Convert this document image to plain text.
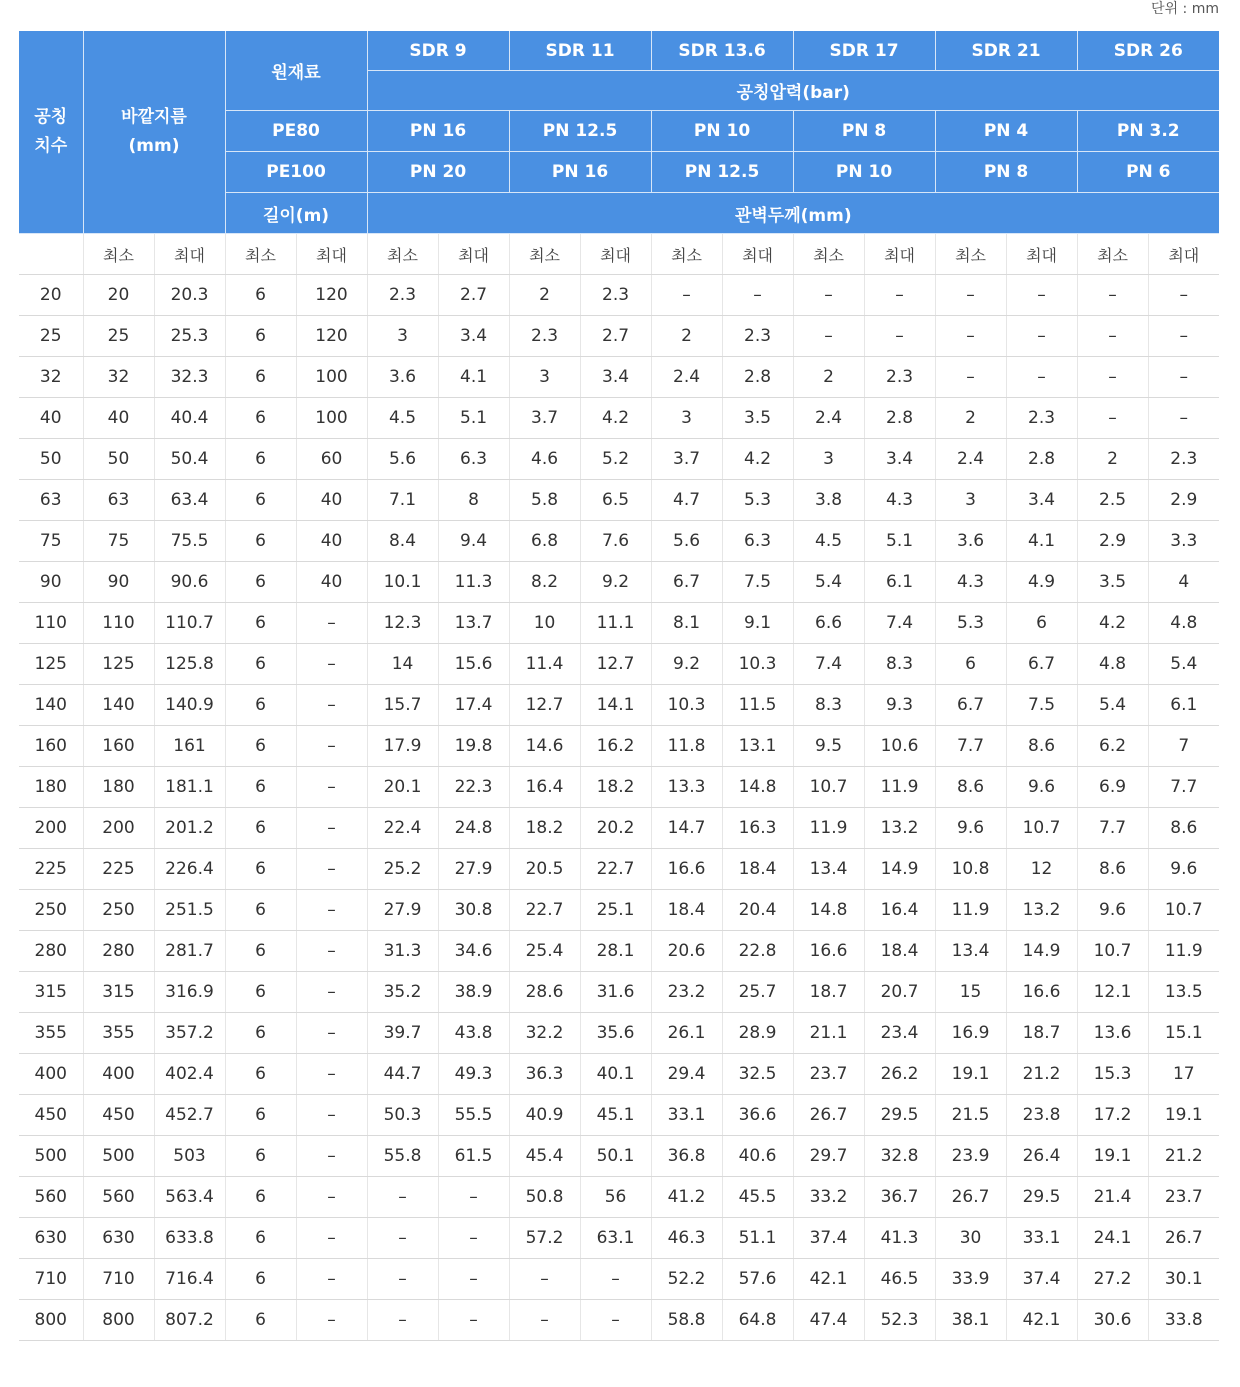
단위 : mm
공칭
치수	바깥지름
(mm)		원재료		SDR 9		SDR 11		SDR 13.6		SDR 17		SDR 21		SDR 26	
					공칭압력(bar)											
			PE80		PN 16		PN 12.5		PN 10		PN 8		PN 4		PN 3.2	
			PE100		PN 20		PN 16		PN 12.5		PN 10		PN 8		PN 6	
			길이(m)		관벽두께(mm)											
	최소	최대	최소	최대	최소	최대	최소	최대	최소	최대	최소	최대	최소	최대	최소	최대
20	20	20.3	6	120	2.3	2.7	2	2.3	–	–	–	–	–	–	–	–
25	25	25.3	6	120	3	3.4	2.3	2.7	2	2.3	–	–	–	–	–	–
32	32	32.3	6	100	3.6	4.1	3	3.4	2.4	2.8	2	2.3	–	–	–	–
40	40	40.4	6	100	4.5	5.1	3.7	4.2	3	3.5	2.4	2.8	2	2.3	–	–
50	50	50.4	6	60	5.6	6.3	4.6	5.2	3.7	4.2	3	3.4	2.4	2.8	2	2.3
63	63	63.4	6	40	7.1	8	5.8	6.5	4.7	5.3	3.8	4.3	3	3.4	2.5	2.9
75	75	75.5	6	40	8.4	9.4	6.8	7.6	5.6	6.3	4.5	5.1	3.6	4.1	2.9	3.3
90	90	90.6	6	40	10.1	11.3	8.2	9.2	6.7	7.5	5.4	6.1	4.3	4.9	3.5	4
110	110	110.7	6	–	12.3	13.7	10	11.1	8.1	9.1	6.6	7.4	5.3	6	4.2	4.8
125	125	125.8	6	–	14	15.6	11.4	12.7	9.2	10.3	7.4	8.3	6	6.7	4.8	5.4
140	140	140.9	6	–	15.7	17.4	12.7	14.1	10.3	11.5	8.3	9.3	6.7	7.5	5.4	6.1
160	160	161	6	–	17.9	19.8	14.6	16.2	11.8	13.1	9.5	10.6	7.7	8.6	6.2	7
180	180	181.1	6	–	20.1	22.3	16.4	18.2	13.3	14.8	10.7	11.9	8.6	9.6	6.9	7.7
200	200	201.2	6	–	22.4	24.8	18.2	20.2	14.7	16.3	11.9	13.2	9.6	10.7	7.7	8.6
225	225	226.4	6	–	25.2	27.9	20.5	22.7	16.6	18.4	13.4	14.9	10.8	12	8.6	9.6
250	250	251.5	6	–	27.9	30.8	22.7	25.1	18.4	20.4	14.8	16.4	11.9	13.2	9.6	10.7
280	280	281.7	6	–	31.3	34.6	25.4	28.1	20.6	22.8	16.6	18.4	13.4	14.9	10.7	11.9
315	315	316.9	6	–	35.2	38.9	28.6	31.6	23.2	25.7	18.7	20.7	15	16.6	12.1	13.5
355	355	357.2	6	–	39.7	43.8	32.2	35.6	26.1	28.9	21.1	23.4	16.9	18.7	13.6	15.1
400	400	402.4	6	–	44.7	49.3	36.3	40.1	29.4	32.5	23.7	26.2	19.1	21.2	15.3	17
450	450	452.7	6	–	50.3	55.5	40.9	45.1	33.1	36.6	26.7	29.5	21.5	23.8	17.2	19.1
500	500	503	6	–	55.8	61.5	45.4	50.1	36.8	40.6	29.7	32.8	23.9	26.4	19.1	21.2
560	560	563.4	6	–	–	–	50.8	56	41.2	45.5	33.2	36.7	26.7	29.5	21.4	23.7
630	630	633.8	6	–	–	–	57.2	63.1	46.3	51.1	37.4	41.3	30	33.1	24.1	26.7
710	710	716.4	6	–	–	–	–	–	52.2	57.6	42.1	46.5	33.9	37.4	27.2	30.1
800	800	807.2	6	–	–	–	–	–	58.8	64.8	47.4	52.3	38.1	42.1	30.6	33.8
